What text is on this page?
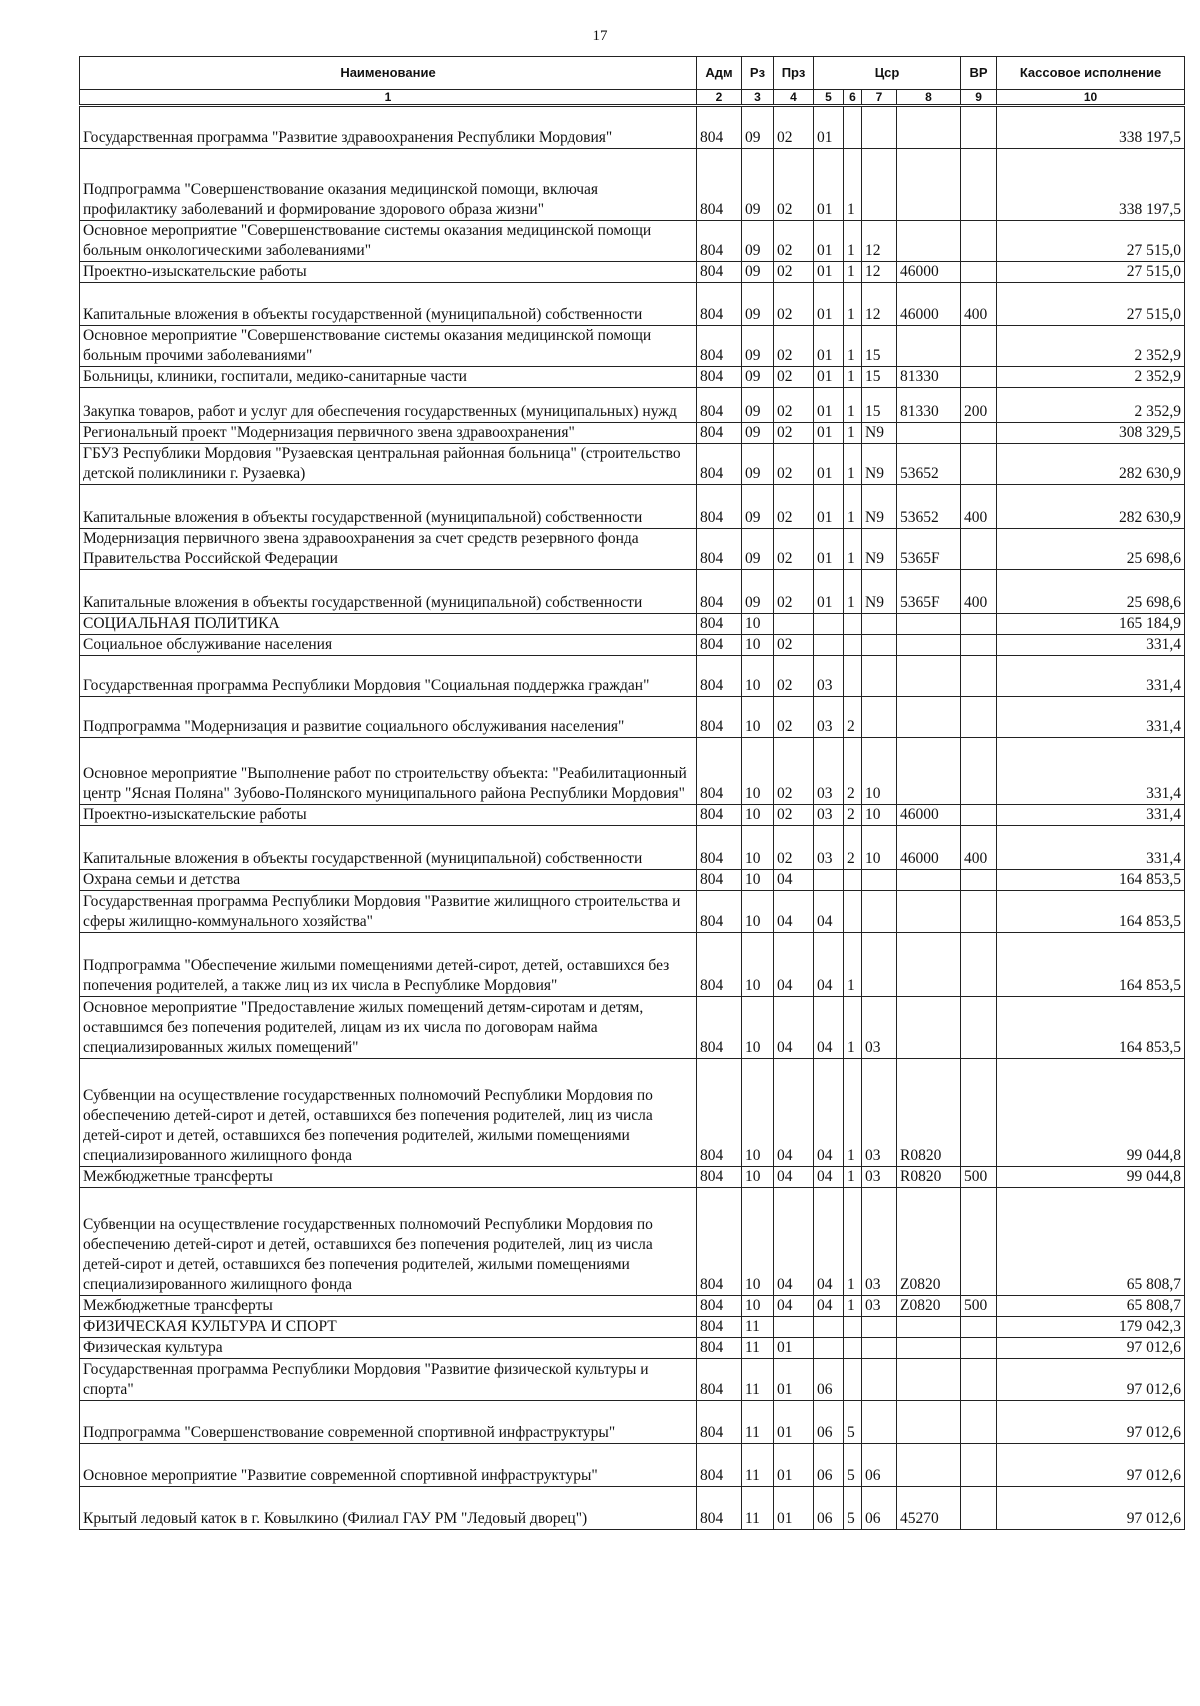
17
Наименование	Адм	Рз	Прз	Цср				ВР	Кассовое исполнение
1	2	3	4	5	6	7	8	9	10
Государственная программа "Развитие здравоохранения Республики Мордовия"	804	09	02	01					338 197,5
Подпрограмма "Совершенствование оказания медицинской помощи, включая профилактику заболеваний и формирование здорового образа жизни"	804	09	02	01	1				338 197,5
Основное мероприятие "Совершенствование системы оказания медицинской помощи больным онкологическими заболеваниями"	804	09	02	01	1	12			27 515,0
Проектно-изыскательские работы	804	09	02	01	1	12	46000		27 515,0
Капитальные вложения в объекты государственной (муниципальной) собственности	804	09	02	01	1	12	46000	400	27 515,0
Основное мероприятие "Совершенствование системы оказания медицинской помощи больным прочими заболеваниями"	804	09	02	01	1	15			2 352,9
Больницы, клиники, госпитали, медико-санитарные части	804	09	02	01	1	15	81330		2 352,9
Закупка товаров, работ и услуг для обеспечения государственных (муниципальных) нужд	804	09	02	01	1	15	81330	200	2 352,9
Региональный проект "Модернизация первичного звена здравоохранения"	804	09	02	01	1	N9			308 329,5
ГБУЗ Республики Мордовия "Рузаевская центральная районная больница" (строительство детской поликлиники г. Рузаевка)	804	09	02	01	1	N9	53652		282 630,9
Капитальные вложения в объекты государственной (муниципальной) собственности	804	09	02	01	1	N9	53652	400	282 630,9
Модернизация первичного звена здравоохранения за счет средств резервного фонда Правительства Российской Федерации	804	09	02	01	1	N9	5365F		25 698,6
Капитальные вложения в объекты государственной (муниципальной) собственности	804	09	02	01	1	N9	5365F	400	25 698,6
СОЦИАЛЬНАЯ ПОЛИТИКА	804	10							165 184,9
Социальное обслуживание населения	804	10	02						331,4
Государственная программа Республики Мордовия "Социальная поддержка граждан"	804	10	02	03					331,4
Подпрограмма "Модернизация и развитие социального обслуживания населения"	804	10	02	03	2				331,4
Основное мероприятие "Выполнение работ по строительству объекта: "Реабилитационный центр "Ясная Поляна" Зубово-Полянского муниципального района Республики Мордовия"	804	10	02	03	2	10			331,4
Проектно-изыскательские работы	804	10	02	03	2	10	46000		331,4
Капитальные вложения в объекты государственной (муниципальной) собственности	804	10	02	03	2	10	46000	400	331,4
Охрана семьи и детства	804	10	04						164 853,5
Государственная программа Республики Мордовия "Развитие жилищного строительства и сферы жилищно-коммунального хозяйства"	804	10	04	04					164 853,5
Подпрограмма "Обеспечение жилыми помещениями детей-сирот, детей, оставшихся без попечения родителей, а также лиц из их числа в Республике Мордовия"	804	10	04	04	1				164 853,5
Основное мероприятие "Предоставление жилых помещений детям-сиротам и детям, оставшимся без попечения родителей, лицам из их числа по договорам найма специализированных жилых помещений"	804	10	04	04	1	03			164 853,5
Субвенции на осуществление государственных полномочий Республики Мордовия по обеспечению детей-сирот и детей, оставшихся без попечения родителей, лиц из числа детей-сирот и детей, оставшихся без попечения родителей, жилыми помещениями специализированного жилищного фонда	804	10	04	04	1	03	R0820		99 044,8
Межбюджетные трансферты	804	10	04	04	1	03	R0820	500	99 044,8
Субвенции на осуществление государственных полномочий Республики Мордовия по обеспечению детей-сирот и детей, оставшихся без попечения родителей, лиц из числа детей-сирот и детей, оставшихся без попечения родителей, жилыми помещениями специализированного жилищного фонда	804	10	04	04	1	03	Z0820		65 808,7
Межбюджетные трансферты	804	10	04	04	1	03	Z0820	500	65 808,7
ФИЗИЧЕСКАЯ КУЛЬТУРА И СПОРТ	804	11							179 042,3
Физическая культура	804	11	01						97 012,6
Государственная программа Республики Мордовия "Развитие физической культуры и спорта"	804	11	01	06					97 012,6
Подпрограмма "Совершенствование современной спортивной инфраструктуры"	804	11	01	06	5				97 012,6
Основное мероприятие "Развитие современной спортивной инфраструктуры"	804	11	01	06	5	06			97 012,6
Крытый ледовый каток в г. Ковылкино (Филиал ГАУ РМ "Ледовый дворец")	804	11	01	06	5	06	45270		97 012,6
